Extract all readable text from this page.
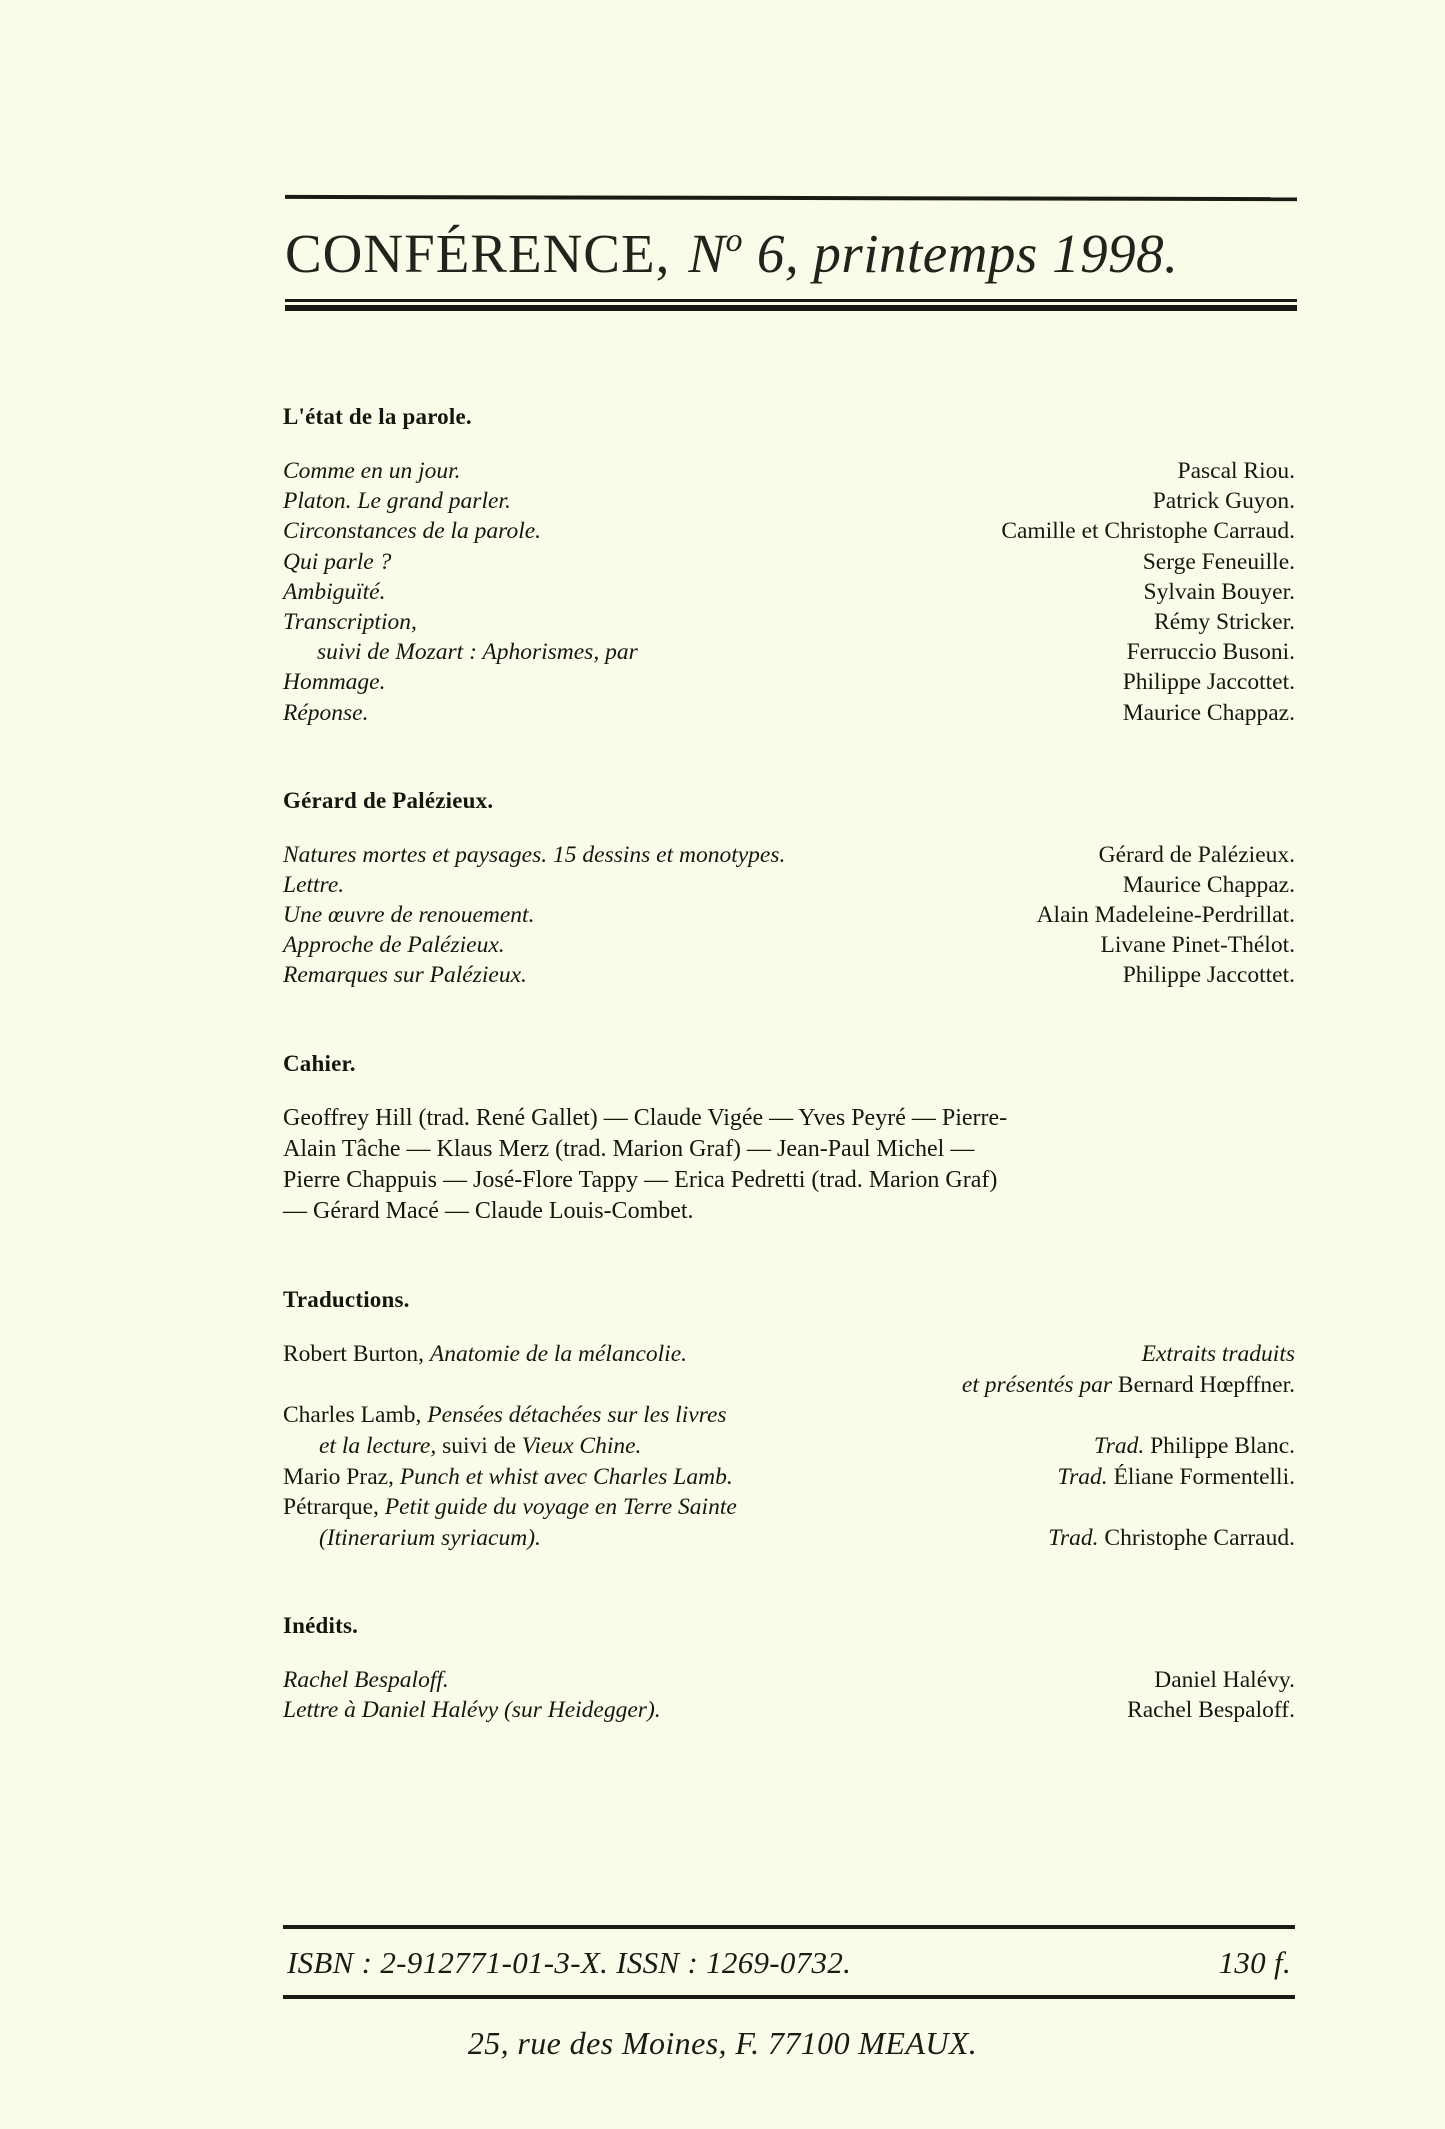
CONFÉRENCE, $N^o$ 6, printemps 1998.
L'état de la parole.
Comme en un jour.	Pascal Riou.
Platon. Le grand parler.	Patrick Guyon.
Circonstances de la parole.	Camille et Christophe Carraud.
Qui parle ?	Serge Feneuille.
Ambiguïté.	Sylvain Bouyer.
Transcription,	Rémy Stricker.
suivi de Mozart : Aphorismes, par	Ferruccio Busoni.
Hommage.	Philippe Jaccottet.
Réponse.	Maurice Chappaz.
Gérard de Palézieux.
Natures mortes et paysages. 15 dessins et monotypes.	Gérard de Palézieux.
Lettre.	Maurice Chappaz.
Une œuvre de renouement.	Alain Madeleine-Perdrillat.
Approche de Palézieux.	Livane Pinet-Thélot.
Remarques sur Palézieux.	Philippe Jaccottet.
Cahier.
Geoffrey Hill (trad. René Gallet) — Claude Vigée — Yves Peyré — Pierre-
Alain Tâche — Klaus Merz (trad. Marion Graf) — Jean-Paul Michel —
Pierre Chappuis — José-Flore Tappy — Erica Pedretti (trad. Marion Graf)
— Gérard Macé — Claude Louis-Combet.
Traductions.
Robert Burton, Anatomie de la mélancolie.	Extraits traduits
et présentés par Bernard Hœpffner.
Charles Lamb, Pensées détachées sur les livres
et la lecture, suivi de Vieux Chine.	Trad. Philippe Blanc.
Mario Praz, Punch et whist avec Charles Lamb.	Trad. Éliane Formentelli.
Pétrarque, Petit guide du voyage en Terre Sainte
(Itinerarium syriacum).	Trad. Christophe Carraud.
Inédits.
Rachel Bespaloff.	Daniel Halévy.
Lettre à Daniel Halévy (sur Heidegger).	Rachel Bespaloff.
ISBN : 2-912771-01-3-X. ISSN : 1269-0732.	130 f.
25, rue des Moines, F. 77100 MEAUX.
